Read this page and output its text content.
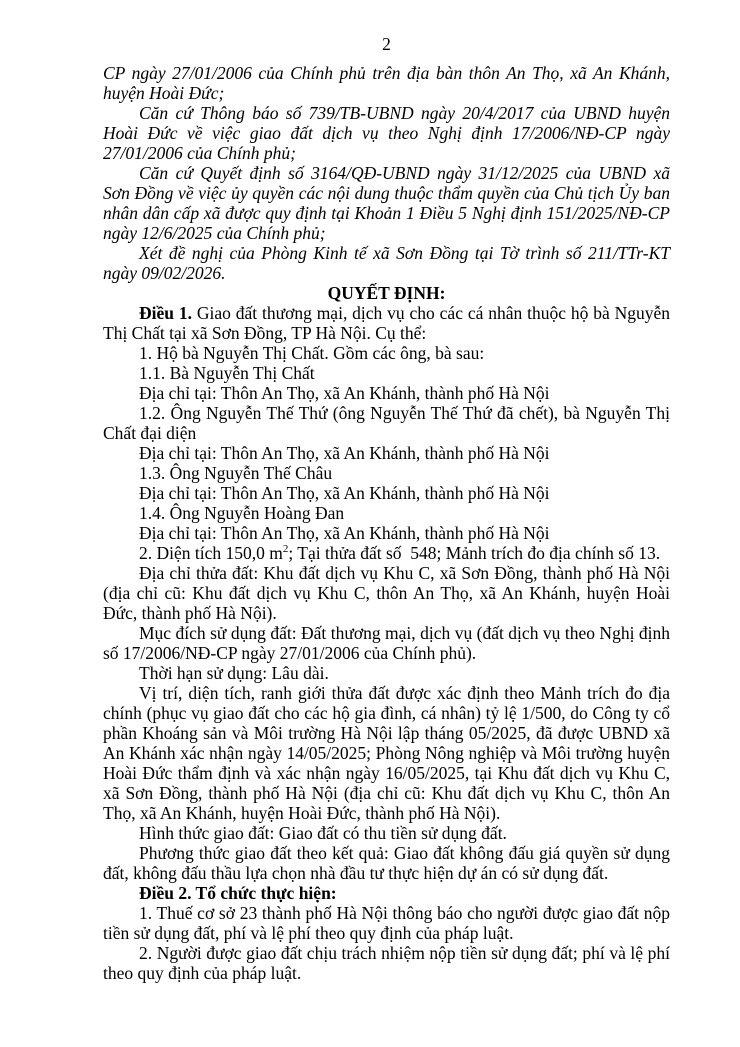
2

CP ngày 27/01/2006 của Chính phủ trên địa bàn thôn An Thọ, xã An Khánh, huyện Hoài Đức;

Căn cứ Thông báo số 739/TB-UBND ngày 20/4/2017 của UBND huyện Hoài Đức về việc giao đất dịch vụ theo Nghị định 17/2006/NĐ-CP ngày 27/01/2006 của Chính phủ;

Căn cứ Quyết định số 3164/QĐ-UBND ngày 31/12/2025 của UBND xã Sơn Đồng về việc ủy quyền các nội dung thuộc thẩm quyền của Chủ tịch Ủy ban nhân dân cấp xã được quy định tại Khoản 1 Điều 5 Nghị định 151/2025/NĐ-CP ngày 12/6/2025 của Chính phủ;

Xét đề nghị của Phòng Kinh tế xã Sơn Đồng tại Tờ trình số 211/TTr-KT ngày 09/02/2026.

QUYẾT ĐỊNH:

Điều 1. Giao đất thương mại, dịch vụ cho các cá nhân thuộc hộ bà Nguyễn Thị Chất tại xã Sơn Đồng, TP Hà Nội. Cụ thể:

1. Hộ bà Nguyễn Thị Chất. Gồm các ông, bà sau:

1.1. Bà Nguyễn Thị Chất

Địa chỉ tại: Thôn An Thọ, xã An Khánh, thành phố Hà Nội

1.2. Ông Nguyễn Thế Thứ (ông Nguyễn Thế Thứ đã chết), bà Nguyễn Thị Chất đại diện

Địa chỉ tại: Thôn An Thọ, xã An Khánh, thành phố Hà Nội

1.3. Ông Nguyễn Thế Châu

Địa chỉ tại: Thôn An Thọ, xã An Khánh, thành phố Hà Nội

1.4. Ông Nguyễn Hoàng Đan

Địa chỉ tại: Thôn An Thọ, xã An Khánh, thành phố Hà Nội

2. Diện tích 150,0 $m^2$; Tại thửa đất số  548; Mảnh trích đo địa chính số 13.

Địa chỉ thửa đất: Khu đất dịch vụ Khu C, xã Sơn Đồng, thành phố Hà Nội (địa chỉ cũ: Khu đất dịch vụ Khu C, thôn An Thọ, xã An Khánh, huyện Hoài Đức, thành phố Hà Nội).

Mục đích sử dụng đất: Đất thương mại, dịch vụ (đất dịch vụ theo Nghị định số 17/2006/NĐ-CP ngày 27/01/2006 của Chính phủ).

Thời hạn sử dụng: Lâu dài.

Vị trí, diện tích, ranh giới thửa đất được xác định theo Mảnh trích đo địa chính (phục vụ giao đất cho các hộ gia đình, cá nhân) tỷ lệ 1/500, do Công ty cổ phần Khoáng sản và Môi trường Hà Nội lập tháng 05/2025, đã được UBND xã An Khánh xác nhận ngày 14/05/2025; Phòng Nông nghiệp và Môi trường huyện Hoài Đức thẩm định và xác nhận ngày 16/05/2025, tại Khu đất dịch vụ Khu C, xã Sơn Đồng, thành phố Hà Nội (địa chỉ cũ: Khu đất dịch vụ Khu C, thôn An Thọ, xã An Khánh, huyện Hoài Đức, thành phố Hà Nội).

Hình thức giao đất: Giao đất có thu tiền sử dụng đất.

Phương thức giao đất theo kết quả: Giao đất không đấu giá quyền sử dụng đất, không đấu thầu lựa chọn nhà đầu tư thực hiện dự án có sử dụng đất.

Điều 2. Tổ chức thực hiện:

1. Thuế cơ sở 23 thành phố Hà Nội thông báo cho người được giao đất nộp tiền sử dụng đất, phí và lệ phí theo quy định của pháp luật.

2. Người được giao đất chịu trách nhiệm nộp tiền sử dụng đất; phí và lệ phí theo quy định của pháp luật.
